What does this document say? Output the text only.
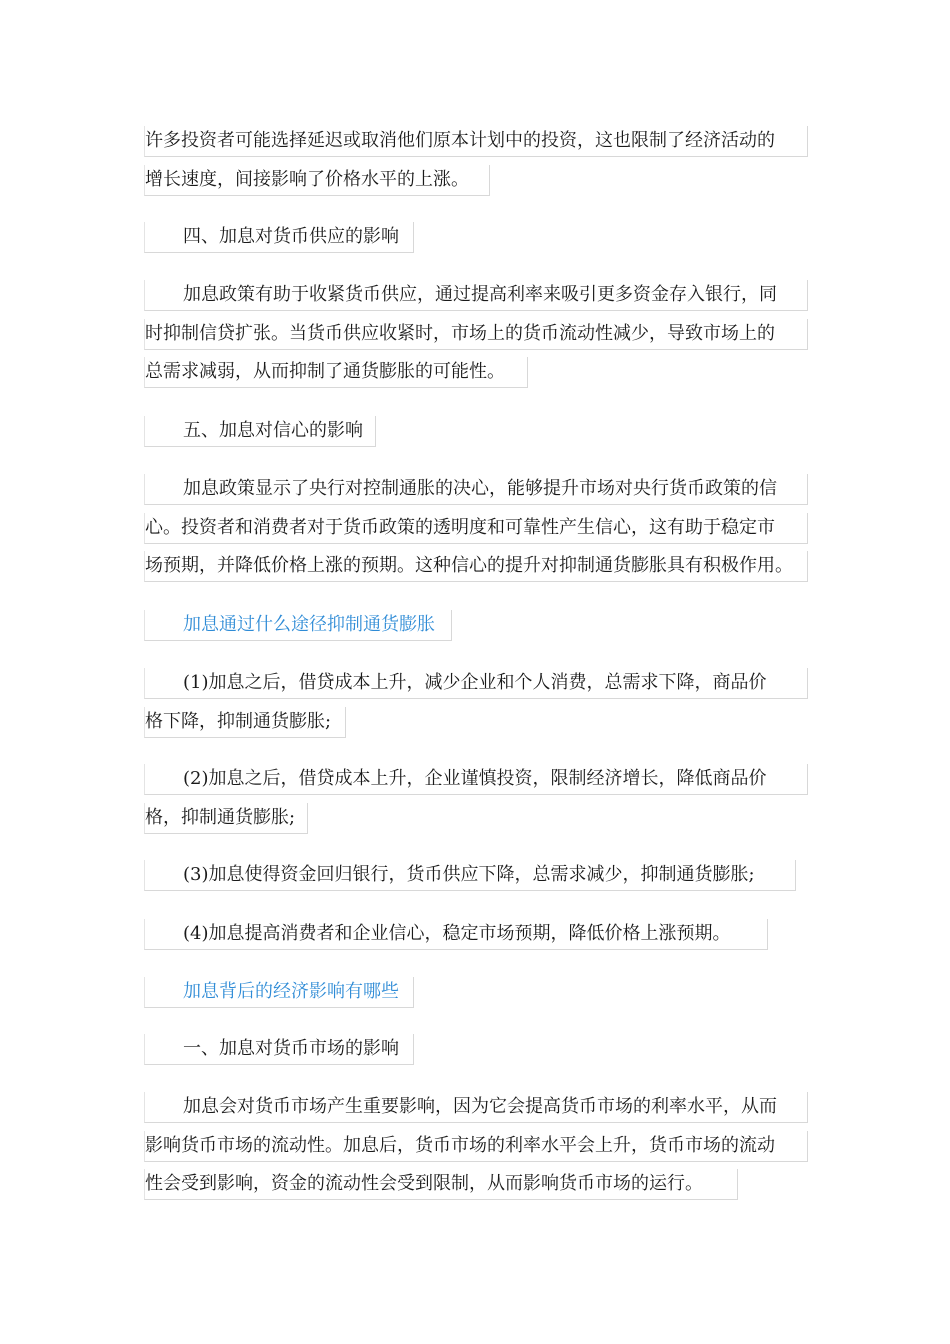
许多投资者可能选择延迟或取消他们原本计划中的投资，这也限制了经济活动的
增长速度，间接影响了价格水平的上涨。
四、加息对货币供应的影响
加息政策有助于收紧货币供应，通过提高利率来吸引更多资金存入银行，同
时抑制信贷扩张。当货币供应收紧时，市场上的货币流动性减少，导致市场上的
总需求减弱，从而抑制了通货膨胀的可能性。
五、加息对信心的影响
加息政策显示了央行对控制通胀的决心，能够提升市场对央行货币政策的信
心。投资者和消费者对于货币政策的透明度和可靠性产生信心，这有助于稳定市
场预期，并降低价格上涨的预期。这种信心的提升对抑制通货膨胀具有积极作用。
加息通过什么途径抑制通货膨胀
(1)加息之后，借贷成本上升，减少企业和个人消费，总需求下降，商品价
格下降，抑制通货膨胀;
(2)加息之后，借贷成本上升，企业谨慎投资，限制经济增长，降低商品价
格，抑制通货膨胀;
(3)加息使得资金回归银行，货币供应下降，总需求减少，抑制通货膨胀;
(4)加息提高消费者和企业信心，稳定市场预期，降低价格上涨预期。
加息背后的经济影响有哪些
一、加息对货币市场的影响
加息会对货币市场产生重要影响，因为它会提高货币市场的利率水平，从而
影响货币市场的流动性。加息后，货币市场的利率水平会上升，货币市场的流动
性会受到影响，资金的流动性会受到限制，从而影响货币市场的运行。
